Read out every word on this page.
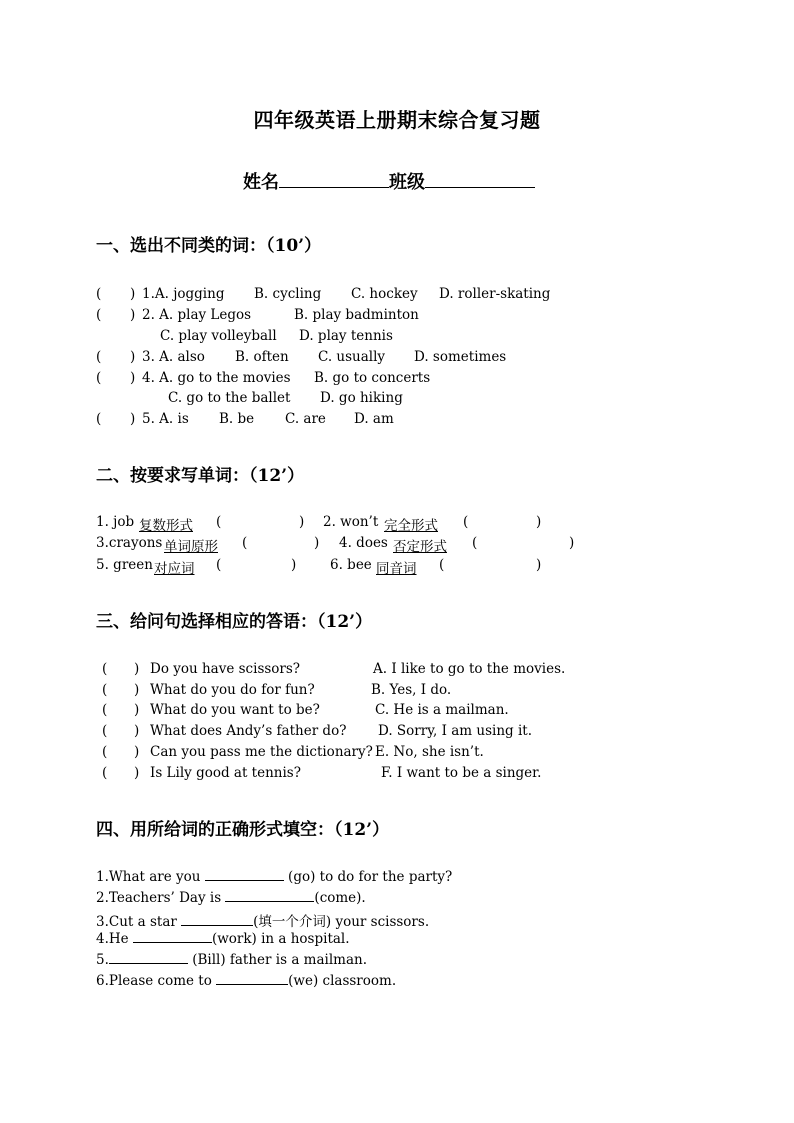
四年级英语上册期末综合复习题
姓名	班级
一、选出不同类的词：（10’）
( ) 1.A. jogging B. cycling C. hockey D. roller-skating
( ) 2. A. play Legos	B. play badminton
C. play volleyball D. play tennis
( ) 3. A. also B. often C. usually D. sometimes
( ) 4. A. go to the movies B. go to concerts
C. go to the ballet D. go hiking
( ) 5. A. is B. be C. are D. am
二、按要求写单词：（12’）
1. job 复数形式 (	) 2. won’t 完全形式 (	)
3.crayons 单词原形 (	) 4. does 否定形式 (	)
5. green 对应词 (	) 6. bee 同音词 (	)
三、给问句选择相应的答语：（12’）
( ) Do you have scissors?	A. I like to go to the movies.
( ) What do you do for fun?	B. Yes, I do.
( ) What do you want to be?	C. He is a mailman.
( ) What does Andy’s father do? D. Sorry, I am using it.
( ) Can you pass me the dictionary? E. No, she isn’t.
( ) Is Lily good at tennis?	F. I want to be a singer.
四、用所给词的正确形式填空：（12’）
1.What are you	(go) to do for the party?
2.Teachers’ Day is	(come).
3.Cut a star	(填一个介词) your scissors.
4.He	(work) in a hospital.
5.	(Bill) father is a mailman.
6.Please come to	(we) classroom.
